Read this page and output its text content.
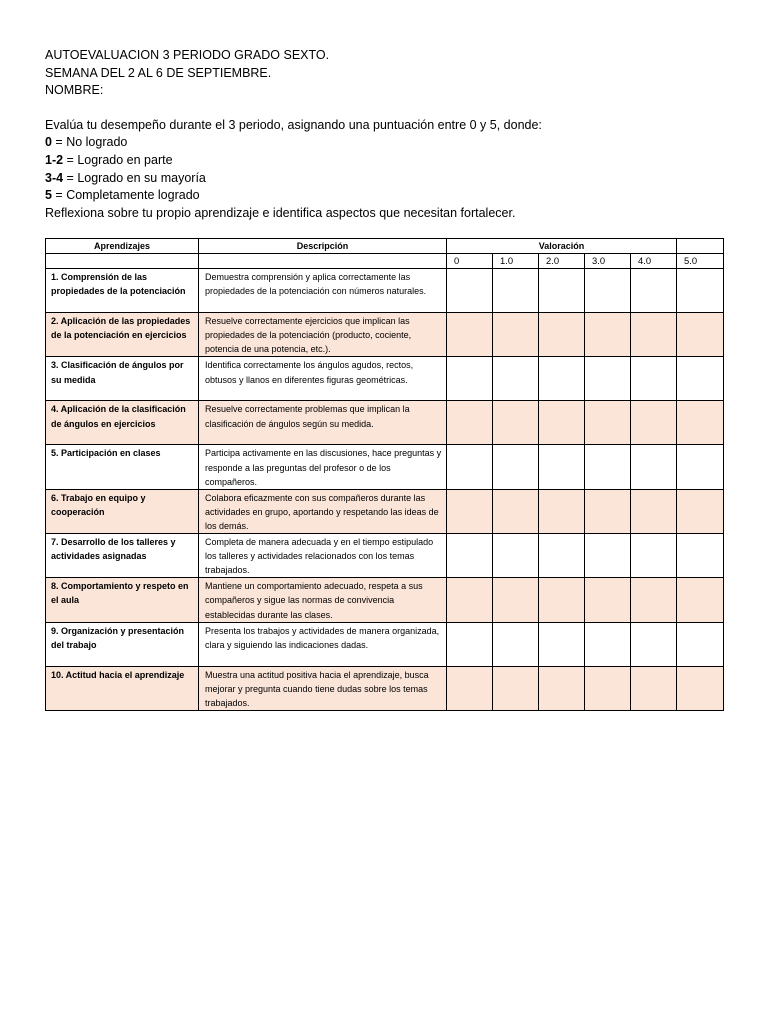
AUTOEVALUACION 3 PERIODO GRADO SEXTO.
SEMANA DEL 2 AL 6 DE SEPTIEMBRE.
NOMBRE:
Evalúa tu desempeño durante el 3 periodo, asignando una puntuación entre 0 y 5, donde:
0 = No logrado
1-2 = Logrado en parte
3-4 = Logrado en su mayoría
5 = Completamente logrado
Reflexiona sobre tu propio aprendizaje e identifica aspectos que necesitan fortalecer.
Aprendizajes	Descripción	Valoración					
		0	1.0	2.0	3.0	4.0	5.0
1. Comprensión de las propiedades de la potenciación	Demuestra comprensión y aplica correctamente las propiedades de la potenciación con números naturales.						
2. Aplicación de las propiedades de la potenciación en ejercicios	Resuelve correctamente ejercicios que implican las propiedades de la potenciación (producto, cociente, potencia de una potencia, etc.).						
3. Clasificación de ángulos por su medida	Identifica correctamente los ángulos agudos, rectos, obtusos y llanos en diferentes figuras geométricas.						
4. Aplicación de la clasificación de ángulos en ejercicios	Resuelve correctamente problemas que implican la clasificación de ángulos según su medida.						
5. Participación en clases	Participa activamente en las discusiones, hace preguntas y responde a las preguntas del profesor o de los compañeros.						
6. Trabajo en equipo y cooperación	Colabora eficazmente con sus compañeros durante las actividades en grupo, aportando y respetando las ideas de los demás.						
7. Desarrollo de los talleres y actividades asignadas	Completa de manera adecuada y en el tiempo estipulado los talleres y actividades relacionados con los temas trabajados.						
8. Comportamiento y respeto en el aula	Mantiene un comportamiento adecuado, respeta a sus compañeros y sigue las normas de convivencia establecidas durante las clases.						
9. Organización y presentación del trabajo	Presenta los trabajos y actividades de manera organizada, clara y siguiendo las indicaciones dadas.						
10. Actitud hacia el aprendizaje	Muestra una actitud positiva hacia el aprendizaje, busca mejorar y pregunta cuando tiene dudas sobre los temas trabajados.						
